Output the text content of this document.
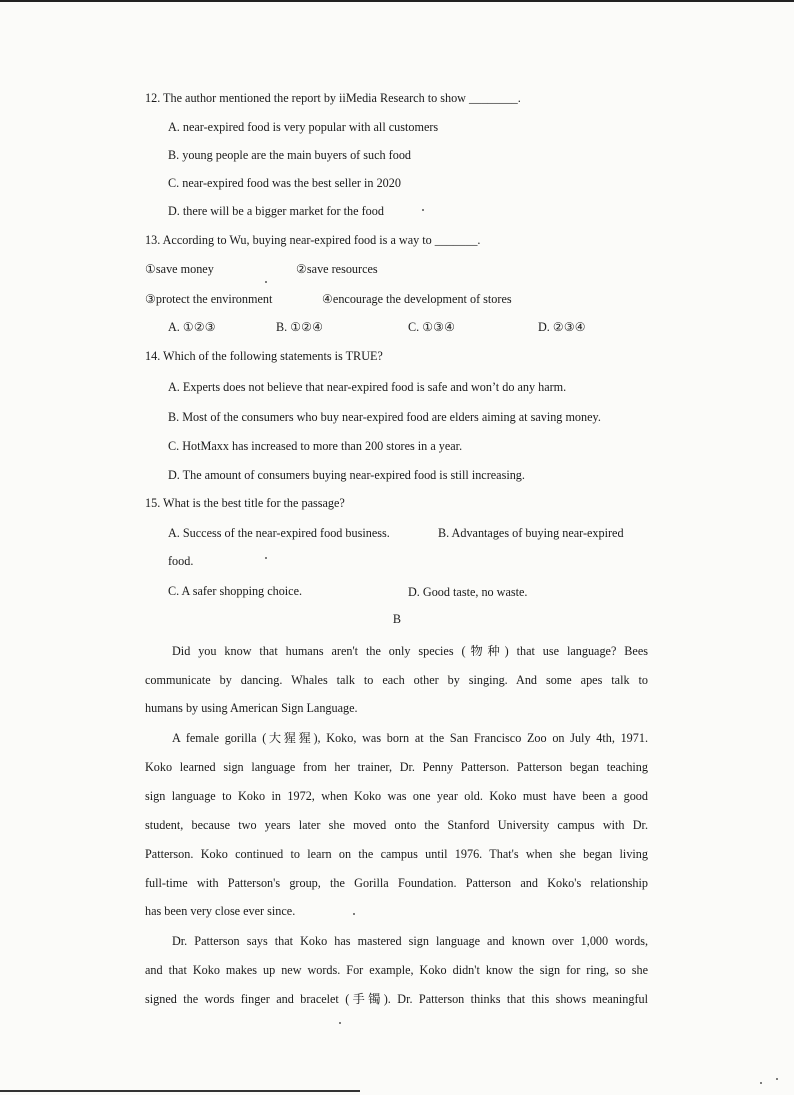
12. The author mentioned the report by iiMedia Research to show ________.
A. near-expired food is very popular with all customers
B. young people are the main buyers of such food
C. near-expired food was the best seller in 2020
D. there will be a bigger market for the food
13. According to Wu, buying near-expired food is a way to _______.
①save money	②save resources
③protect the environment	④encourage the development of stores
A. ①②③	B. ①②④	C. ①③④	D. ②③④
14. Which of the following statements is TRUE?
A. Experts does not believe that near-expired food is safe and won’t do any harm.
B. Most of the consumers who buy near-expired food are elders aiming at saving money.
C. HotMaxx has increased to more than 200 stores in a year.
D. The amount of consumers buying near-expired food is still increasing.
15. What is the best title for the passage?
A. Success of the near-expired food business.	B. Advantages of buying near-expired
food.
C. A safer shopping choice.	D. Good taste, no waste.
B
Did you know that humans aren't the only species (物种) that use language? Bees
communicate by dancing. Whales talk to each other by singing. And some apes talk to
humans by using American Sign Language.
A female gorilla (大猩猩), Koko, was born at the San Francisco Zoo on July 4th, 1971.
Koko learned sign language from her trainer, Dr. Penny Patterson. Patterson began teaching
sign language to Koko in 1972, when Koko was one year old. Koko must have been a good
student, because two years later she moved onto the Stanford University campus with Dr.
Patterson. Koko continued to learn on the campus until 1976. That's when she began living
full-time with Patterson's group, the Gorilla Foundation. Patterson and Koko's relationship
has been very close ever since.
Dr. Patterson says that Koko has mastered sign language and known over 1,000 words,
and that Koko makes up new words. For example, Koko didn't know the sign for ring, so she
signed the words finger and bracelet (手镯). Dr. Patterson thinks that this shows meaningful
